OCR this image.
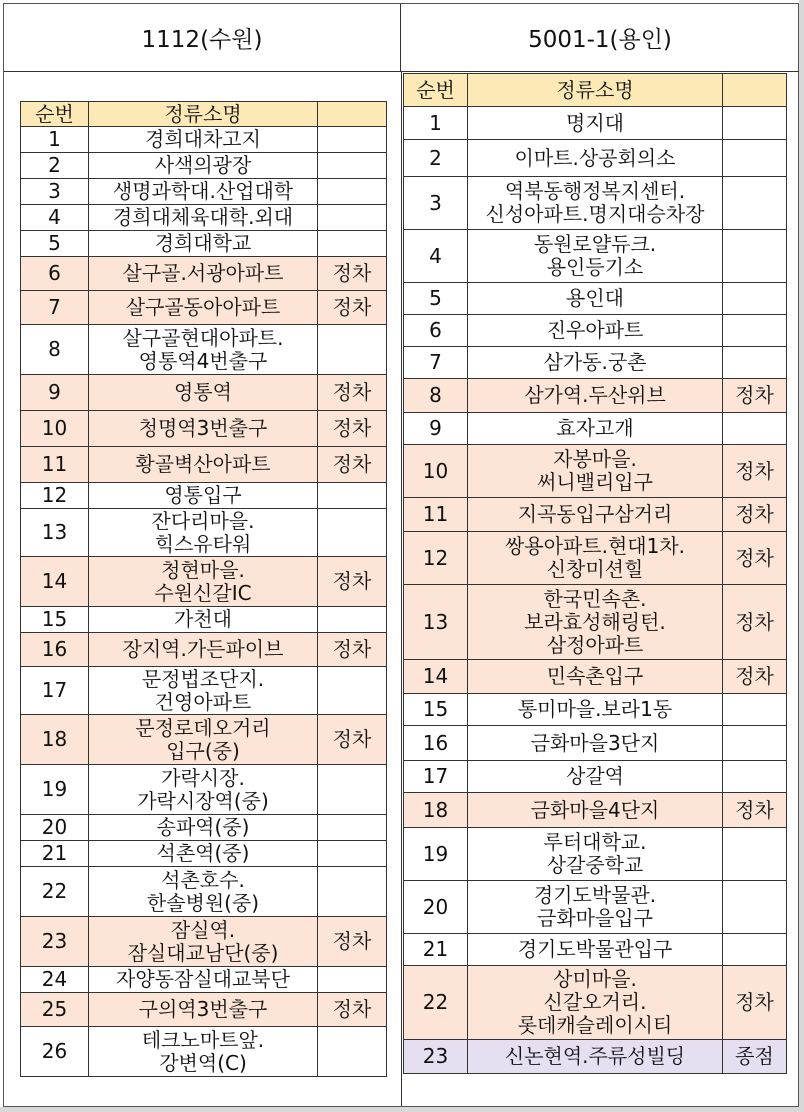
1112(수원)	5001-1(용인)
순번	정류소명	
1	경희대차고지	
2	사색의광장	
3	생명과학대.산업대학	
4	경희대체육대학.외대	
5	경희대학교	
6	살구골.서광아파트	정차
7	살구골동아아파트	정차
8	살구골현대아파트.
영통역4번출구	
9	영통역	정차
10	청명역3번출구	정차
11	황골벽산아파트	정차
12	영통입구	
13	잔다리마을.
힉스유타워	
14	청현마을.
수원신갈IC	정차
15	가천대	
16	장지역.가든파이브	정차
17	문정법조단지.
건영아파트	
18	문정로데오거리
입구(중)	정차
19	가락시장.
가락시장역(중)	
20	송파역(중)	
21	석촌역(중)	
22	석촌호수.
한솔병원(중)	
23	잠실역.
잠실대교남단(중)	정차
24	자양동잠실대교북단	
25	구의역3번출구	정차
26	테크노마트앞.
강변역(C)	
순번	정류소명	
1	명지대	
2	이마트.상공회의소	
3	역북동행정복지센터.
신성아파트.명지대승차장	
4	동원로얄듀크.
용인등기소	
5	용인대	
6	진우아파트	
7	삼가동.궁촌	
8	삼가역.두산위브	정차
9	효자고개	
10	자봉마을.
써니밸리입구	정차
11	지곡동입구삼거리	정차
12	쌍용아파트.현대1차.
신창미션힐	정차
13	한국민속촌.
보라효성해링턴.
삼정아파트	정차
14	민속촌입구	정차
15	통미마을.보라1동	
16	금화마을3단지	
17	상갈역	
18	금화마을4단지	정차
19	루터대학교.
상갈중학교	
20	경기도박물관.
금화마을입구	
21	경기도박물관입구	
22	상미마을.
신갈오거리.
롯데캐슬레이시티	정차
23	신논현역.주류성빌딩	종점
